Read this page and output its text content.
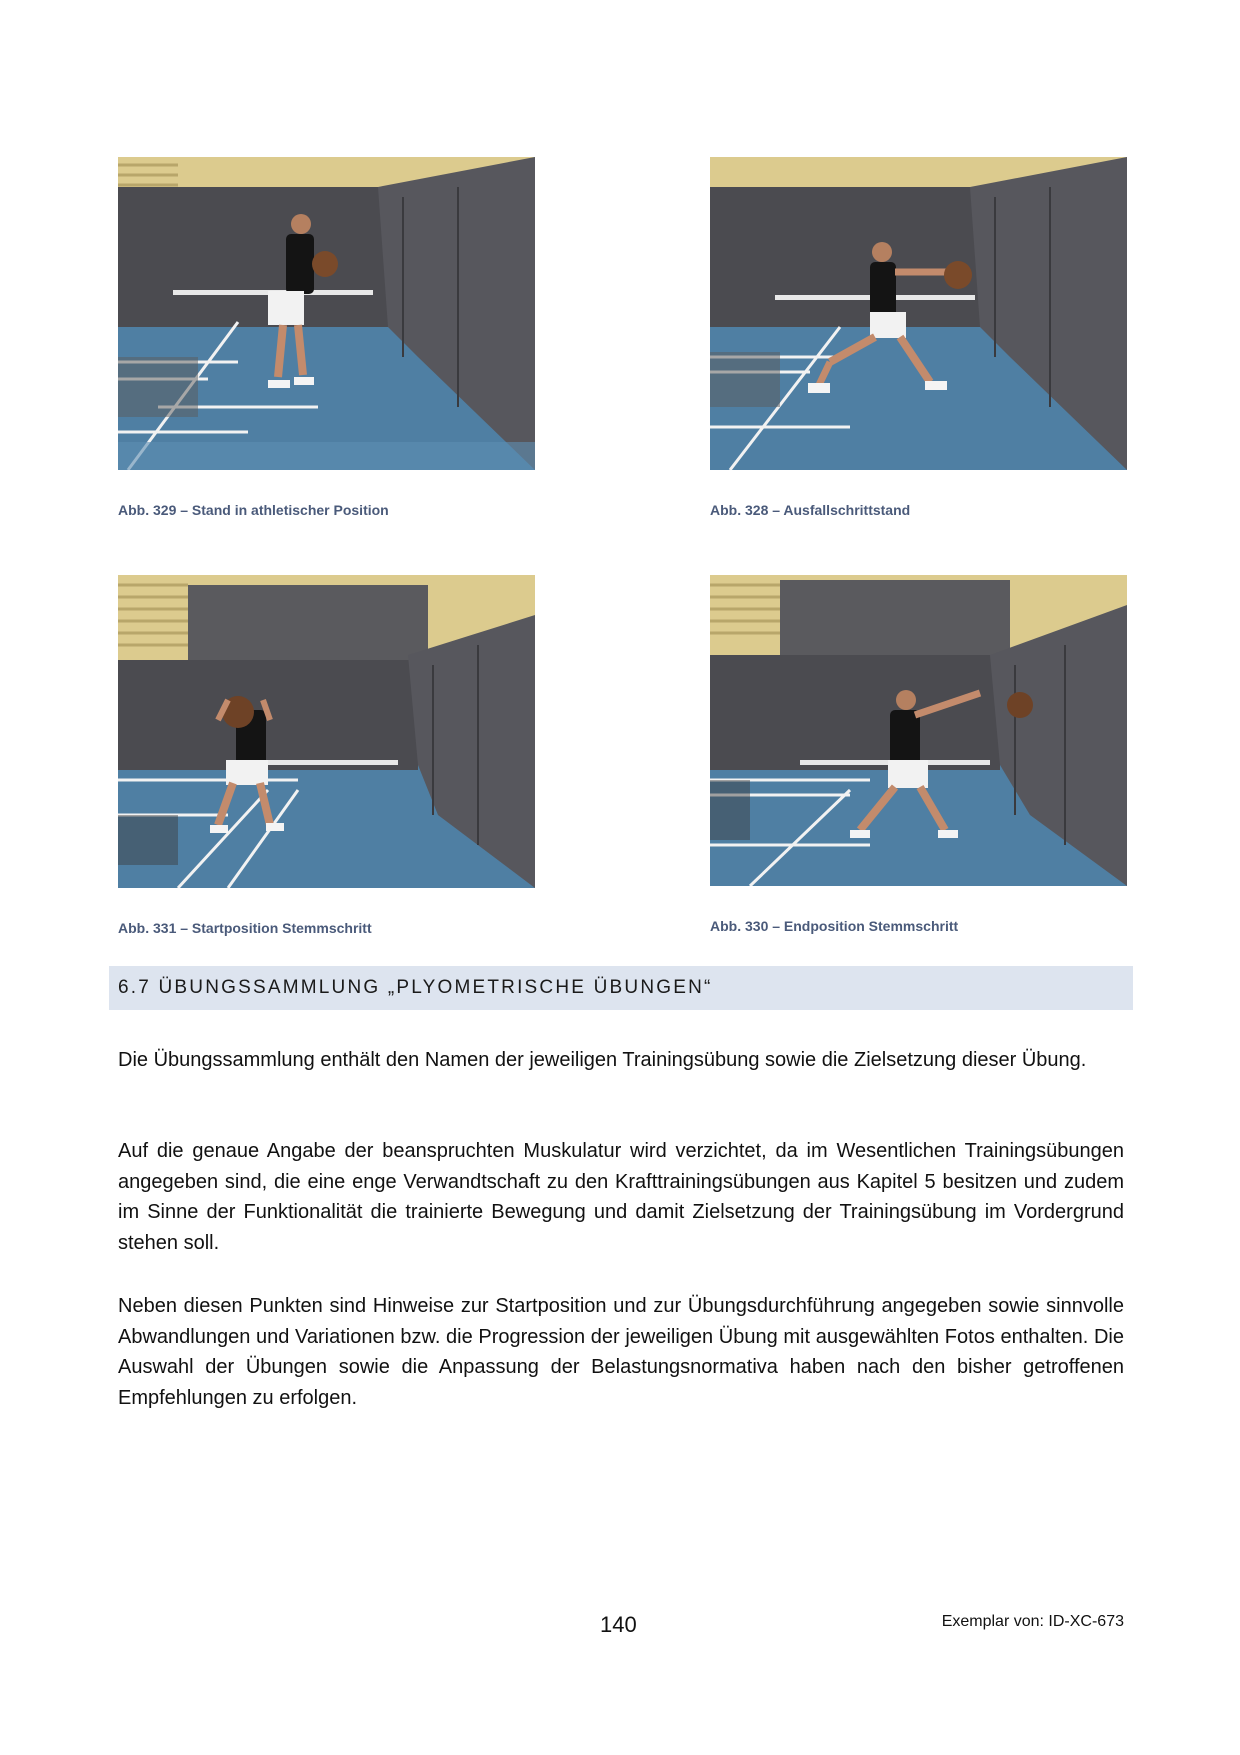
Abb. 329 – Stand in athletischer Position	Abb. 328 – Ausfallschrittstand
Abb. 331 – Startposition Stemmschritt	Abb. 330 – Endposition Stemmschritt
6.7 ÜBUNGSSAMMLUNG „PLYOMETRISCHE ÜBUNGEN“

Die Übungssammlung enthält den Namen der jeweiligen Trainingsübung sowie die Zielsetzung dieser Übung.

Auf die genaue Angabe der beanspruchten Muskulatur wird verzichtet, da im Wesentlichen Trainingsübungen angegeben sind, die eine enge Verwandtschaft zu den Krafttrainingsübungen aus Kapitel 5 besitzen und zudem im Sinne der Funktionalität die trainierte Bewegung und damit Zielsetzung der Trainingsübung im Vordergrund stehen soll.

Neben diesen Punkten sind Hinweise zur Startposition und zur Übungsdurchführung angegeben sowie sinnvolle Abwandlungen und Variationen bzw. die Progression der jeweiligen Übung mit ausgewählten Fotos enthalten. Die Auswahl der Übungen sowie die Anpassung der Belastungsnormativa haben nach den bisher getroffenen Empfehlungen zu erfolgen.

140	Exemplar von: ID-XC-673
